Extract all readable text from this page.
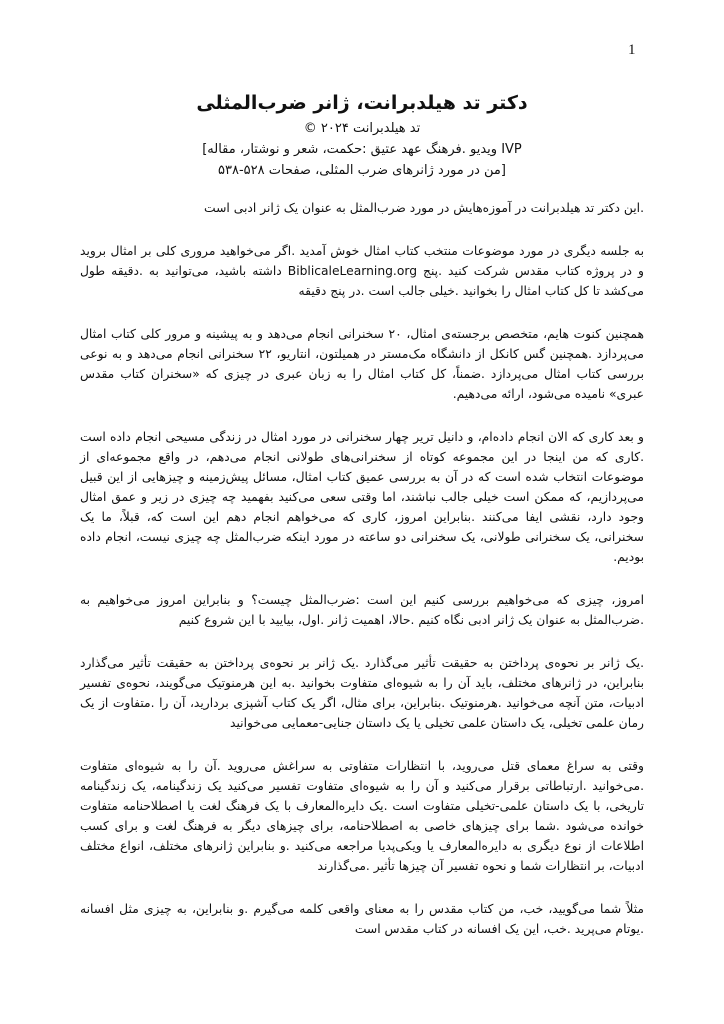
1
دکتر تد هیلدبرانت، ژانر ضرب‌المثلی
تد هیلدبرانت ۲۰۲۴ ©
IVP ویدیو .فرهنگ عهد عتیق :حکمت، شعر و نوشتار، مقاله]
[من در مورد ژانرهای ضرب المثلی، صفحات ۵۲۸-۵۳۸

.این دکتر تد هیلدبرانت در آموزه‌هایش در مورد ضرب‌المثل به عنوان یک ژانر ادبی است

به جلسه دیگری در مورد موضوعات منتخب کتاب امثال خوش آمدید .اگر می‌خواهید مروری کلی بر امثال بروید و در پروژه کتاب مقدس شرکت کنید .پنج BiblicaleLearning.org داشته باشید، می‌توانید به .دقیقه طول می‌کشد تا کل کتاب امثال را بخوانید .خیلی جالب است .در پنج دقیقه

همچنین کنوت هایم، متخصص برجسته‌ی امثال، ۲۰ سخنرانی انجام می‌دهد و به پیشینه و مرور کلی کتاب امثال می‌پردازد .همچنین گس کانکل از دانشگاه مک‌مستر در همیلتون، انتاریو، ۲۲ سخنرانی انجام می‌دهد و به نوعی بررسی کتاب امثال می‌پردازد .ضمناً، کل کتاب امثال را به زبان عبری در چیزی که «سخنران کتاب مقدس عبری» نامیده می‌شود، ارائه می‌دهیم.

و بعد کاری که الان انجام داده‌ام، و دانیل تریر چهار سخنرانی در مورد امثال در زندگی مسیحی انجام داده است .کاری که من اینجا در این مجموعه کوتاه از سخنرانی‌های طولانی انجام می‌دهم، در واقع مجموعه‌ای از موضوعات انتخاب شده است که در آن به بررسی عمیق کتاب امثال، مسائل پیش‌زمینه و چیزهایی از این قبیل می‌پردازیم، که ممکن است خیلی جالب نباشند، اما وقتی سعی می‌کنید بفهمید چه چیزی در زیر و عمق امثال وجود دارد، نقشی ایفا می‌کنند .بنابراین امروز، کاری که می‌خواهم انجام دهم این است که، قبلاً، ما یک سخنرانی، یک سخنرانی طولانی، یک سخنرانی دو ساعته در مورد اینکه ضرب‌المثل چه چیزی نیست، انجام داده بودیم.

امروز، چیزی که می‌خواهیم بررسی کنیم این است :ضرب‌المثل چیست؟ و بنابراین امروز می‌خواهیم به .ضرب‌المثل به عنوان یک ژانر ادبی نگاه کنیم .حالا، اهمیت ژانر .اول، بیایید با این شروع کنیم

.یک ژانر بر نحوه‌ی پرداختن به حقیقت تأثیر می‌گذارد .یک ژانر بر نحوه‌ی پرداختن به حقیقت تأثیر می‌گذارد بنابراین، در ژانرهای مختلف، باید آن را به شیوه‌ای متفاوت بخوانید .به این هرمنوتیک می‌گویند، نحوه‌ی تفسیر ادبیات، متن آنچه می‌خوانید .هرمنوتیک .بنابراین، برای مثال، اگر یک کتاب آشپزی بردارید، آن را .متفاوت از یک رمان علمی تخیلی، یک داستان علمی تخیلی یا یک داستان جنایی-معمایی می‌خوانید

وقتی به سراغ معمای قتل می‌روید، با انتظارات متفاوتی به سراغش می‌روید .آن را به شیوه‌ای متفاوت .می‌خوانید .ارتباطاتی برقرار می‌کنید و آن را به شیوه‌ای متفاوت تفسیر می‌کنید یک زندگینامه، یک زندگینامه تاریخی، با یک داستان علمی-تخیلی متفاوت است .یک دایره‌المعارف با یک فرهنگ لغت یا اصطلاحنامه متفاوت خوانده می‌شود .شما برای چیزهای خاصی به اصطلاحنامه، برای چیزهای دیگر به فرهنگ لغت و برای کسب اطلاعات از نوع دیگری به دایره‌المعارف یا ویکی‌پدیا مراجعه می‌کنید .و بنابراین ژانرهای مختلف، انواع مختلف ادبیات، بر انتظارات شما و نحوه تفسیر آن چیزها تأثیر .می‌گذارند

مثلاً شما می‌گویید، خب، من کتاب مقدس را به معنای واقعی کلمه می‌گیرم .و بنابراین، به چیزی مثل افسانه .یوتام می‌پرید .خب، این یک افسانه در کتاب مقدس است
